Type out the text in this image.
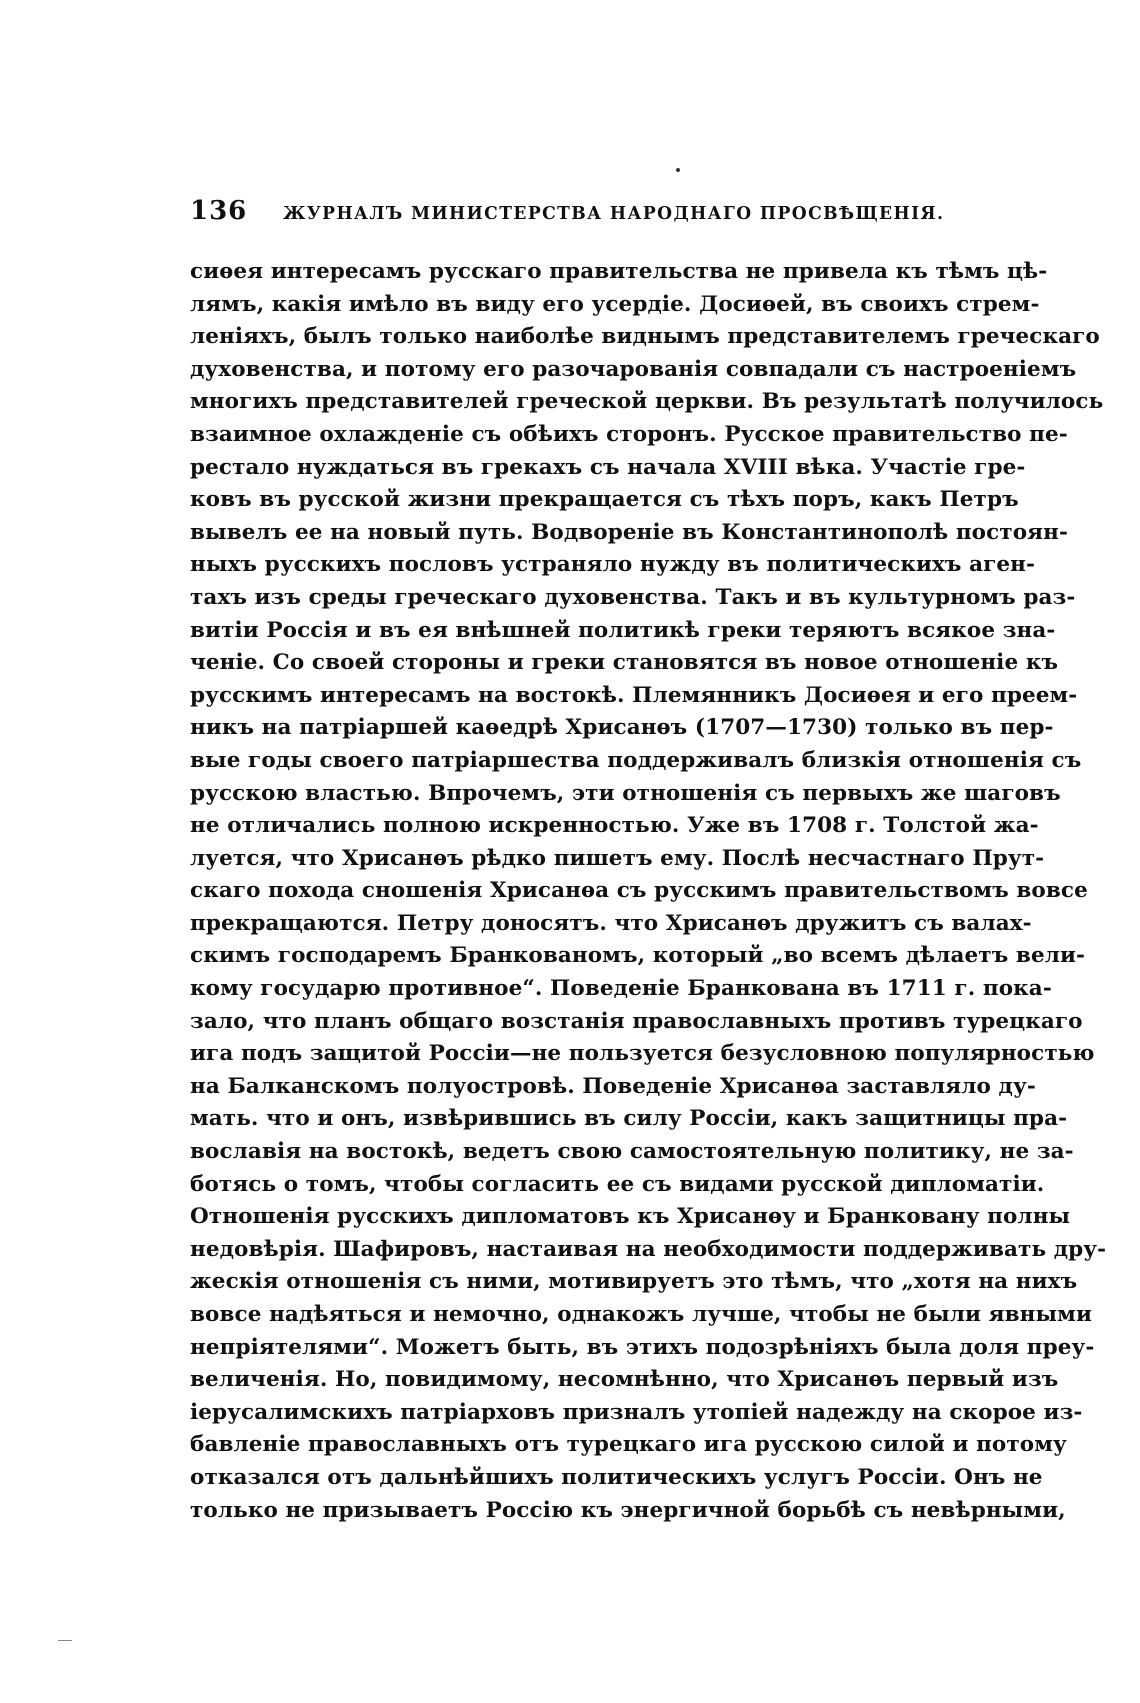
136 ЖУРНАЛЪ МИНИСТЕРСТВА НАРОДНАГО ПРОСВѢЩЕНІЯ.
сиѳея интересамъ русскаго правительства не привела къ тѣмъ цѣ-
лямъ, какія имѣло въ виду его усердіе. Досиѳей, въ своихъ стрем-
леніяхъ, былъ только наиболѣе виднымъ представителемъ греческаго
духовенства, и потому его разочарованія совпадали съ настроеніемъ
многихъ представителей греческой церкви. Въ результатѣ получилось
взаимное охлажденіе съ обѣихъ сторонъ. Русское правительство пе-
рестало нуждаться въ грекахъ съ начала XVIII вѣка. Участіе гре-
ковъ въ русской жизни прекращается съ тѣхъ поръ, какъ Петръ
вывелъ ее на новый путь. Водвореніе въ Константинополѣ постоян-
ныхъ русскихъ пословъ устраняло нужду въ политическихъ аген-
тахъ изъ среды греческаго духовенства. Такъ и въ культурномъ раз-
витіи Россія и въ ея внѣшней политикѣ греки теряютъ всякое зна-
ченіе. Со своей стороны и греки становятся въ новое отношеніе къ
русскимъ интересамъ на востокѣ. Племянникъ Досиѳея и его преем-
никъ на патріаршей каѳедрѣ Хрисанѳъ (1707—1730) только въ пер-
вые годы своего патріаршества поддерживалъ близкія отношенія съ
русскою властью. Впрочемъ, эти отношенія съ первыхъ же шаговъ
не отличались полною искренностью. Уже въ 1708 г. Толстой жа-
луется, что Хрисанѳъ рѣдко пишетъ ему. Послѣ несчастнаго Прут-
скаго похода сношенія Хрисанѳа съ русскимъ правительствомъ вовсе
прекращаются. Петру доносятъ. что Хрисанѳъ дружитъ съ валах-
скимъ господаремъ Бранкованомъ, который „во всемъ дѣлаетъ вели-
кому государю противное“. Поведеніе Бранкована въ 1711 г. пока-
зало, что планъ общаго возстанія православныхъ противъ турецкаго
ига подъ защитой Россіи—не пользуется безусловною популярностью
на Балканскомъ полуостровѣ. Поведеніе Хрисанѳа заставляло ду-
мать. что и онъ, извѣрившись въ силу Россіи, какъ защитницы пра-
вославія на востокѣ, ведетъ свою самостоятельную политику, не за-
ботясь о томъ, чтобы согласить ее съ видами русской дипломатіи.
Отношенія русскихъ дипломатовъ къ Хрисанѳу и Бранковану полны
недовѣрія. Шафировъ, настаивая на необходимости поддерживать дру-
жескія отношенія съ ними, мотивируетъ это тѣмъ, что „хотя на нихъ
вовсе надѣяться и немочно, однакожъ лучше, чтобы не были явными
непріятелями“. Можетъ быть, въ этихъ подозрѣніяхъ была доля преу-
величенія. Но, повидимому, несомнѣнно, что Хрисанѳъ первый изъ
іерусалимскихъ патріарховъ призналъ утопіей надежду на скорое из-
бавленіе православныхъ отъ турецкаго ига русскою силой и потому
отказался отъ дальнѣйшихъ политическихъ услугъ Россіи. Онъ не
только не призываетъ Россію къ энергичной борьбѣ съ невѣрными,
